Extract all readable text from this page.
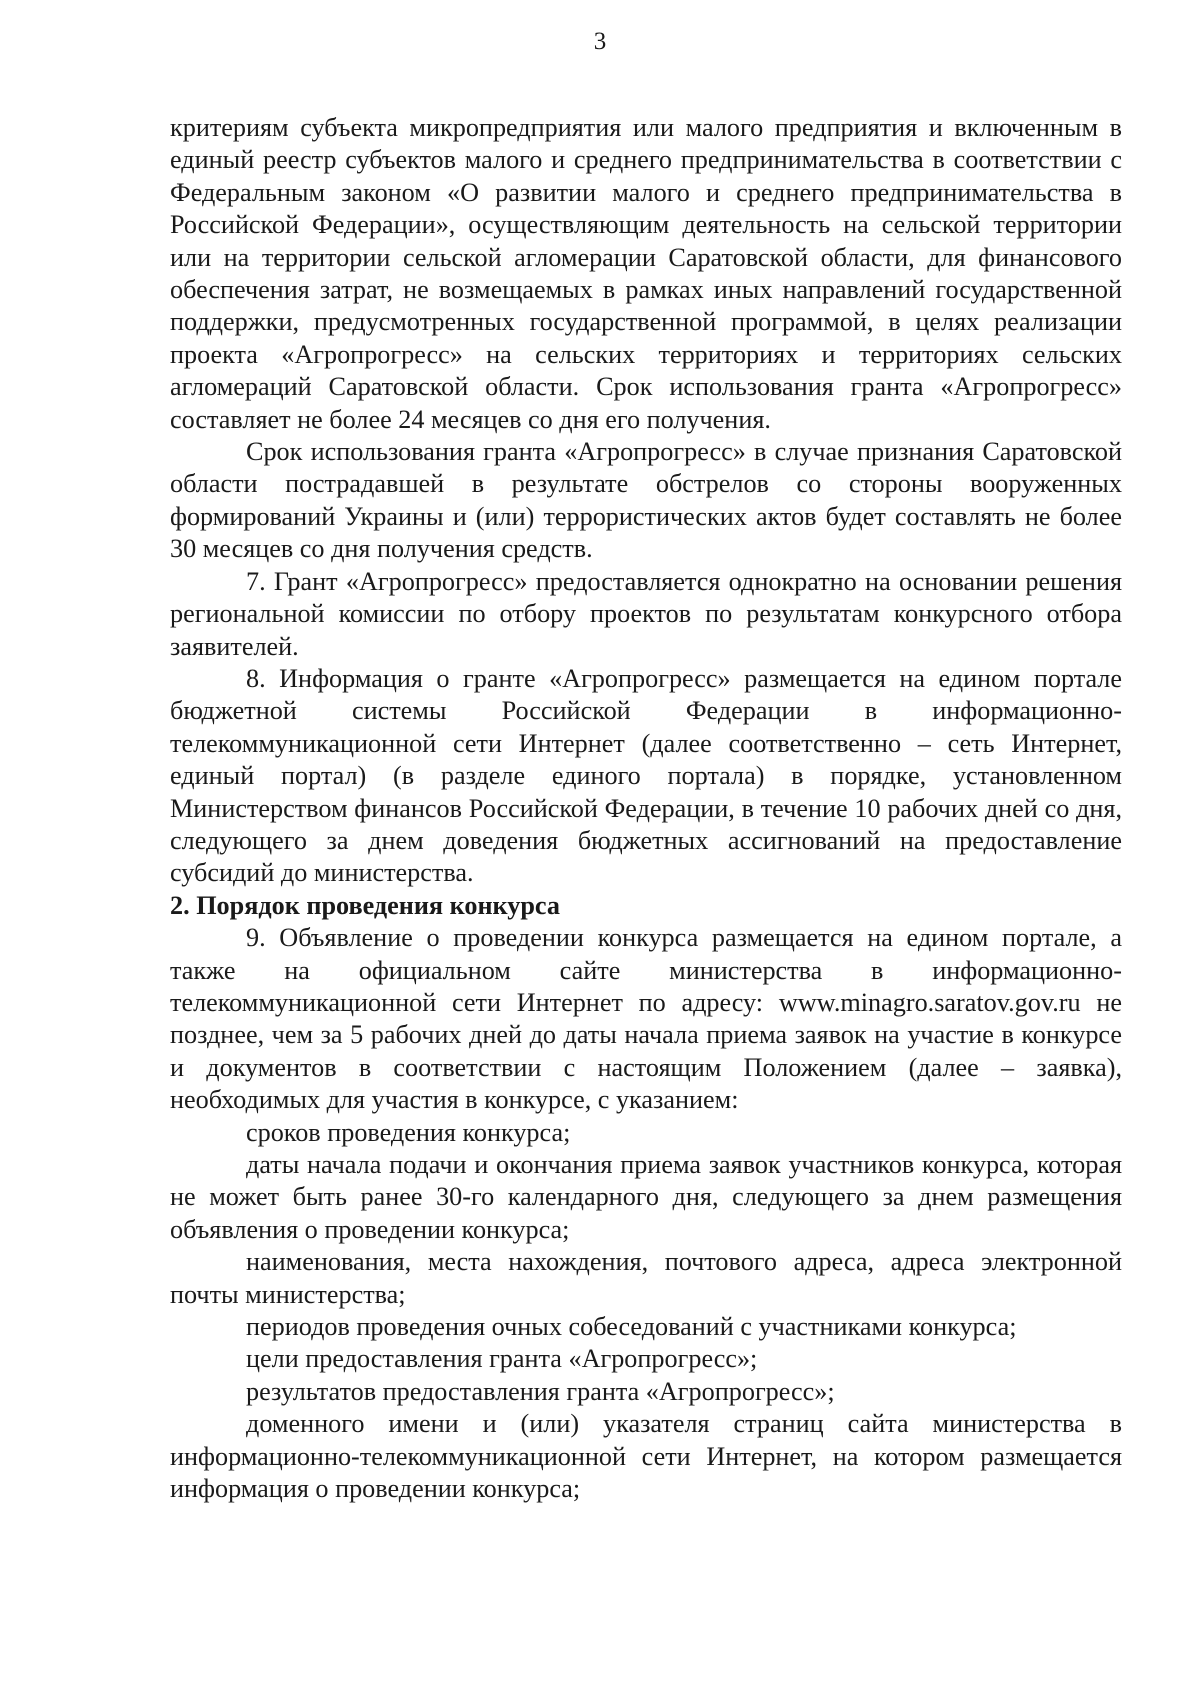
3

критериям субъекта микропредприятия или малого предприятия и включенным в единый реестр субъектов малого и среднего предпринимательства в соответствии с Федеральным законом «О развитии малого и среднего предпринимательства в Российской Федерации», осуществляющим деятельность на сельской территории или на территории сельской агломерации Саратовской области, для финансового обеспечения затрат, не возмещаемых в рамках иных направлений государственной поддержки, предусмотренных государственной программой, в целях реализации проекта «Агропрогресс» на сельских территориях и территориях сельских агломераций Саратовской области. Срок использования гранта «Агропрогресс» составляет не более 24 месяцев со дня его получения.

Срок использования гранта «Агропрогресс» в случае признания Саратовской области пострадавшей в результате обстрелов со стороны вооруженных формирований Украины и (или) террористических актов будет составлять не более 30 месяцев со дня получения средств.

7. Грант «Агропрогресс» предоставляется однократно на основании решения региональной комиссии по отбору проектов по результатам конкурсного отбора заявителей.

8. Информация о гранте «Агропрогресс» размещается на едином портале бюджетной системы Российской Федерации в информационно-телекоммуникационной сети Интернет (далее соответственно – сеть Интернет, единый портал) (в разделе единого портала) в порядке, установленном Министерством финансов Российской Федерации, в течение 10 рабочих дней со дня, следующего за днем доведения бюджетных ассигнований на предоставление субсидий до министерства.

2. Порядок проведения конкурса

9. Объявление о проведении конкурса размещается на едином портале, а также на официальном сайте министерства в информационно-телекоммуникационной сети Интернет по адресу: www.minagro.saratov.gov.ru не позднее, чем за 5 рабочих дней до даты начала приема заявок на участие в конкурсе и документов в соответствии с настоящим Положением (далее – заявка), необходимых для участия в конкурсе, с указанием:

сроков проведения конкурса;

даты начала подачи и окончания приема заявок участников конкурса, которая не может быть ранее 30-го календарного дня, следующего за днем размещения объявления о проведении конкурса;

наименования, места нахождения, почтового адреса, адреса электронной почты министерства;

периодов проведения очных собеседований с участниками конкурса;

цели предоставления гранта «Агропрогресс»;

результатов предоставления гранта «Агропрогресс»;

доменного имени и (или) указателя страниц сайта министерства в информационно-телекоммуникационной сети Интернет, на котором размещается информация о проведении конкурса;
